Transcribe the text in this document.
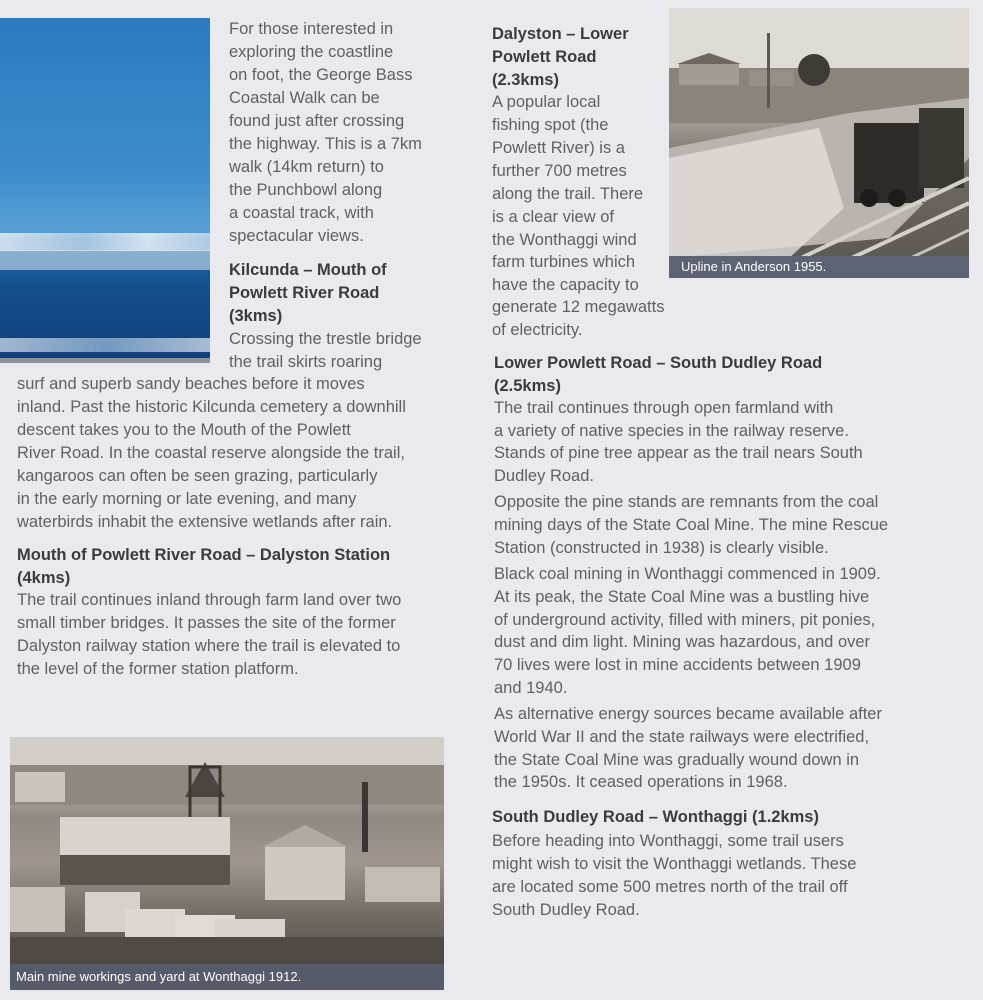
Upline in Anderson 1955.
Main mine workings and yard at Wonthaggi 1912.
For those interested in
exploring the coastline
on foot, the George Bass
Coastal Walk can be
found just after crossing
the highway. This is a 7km
walk (14km return) to
the Punchbowl along
a coastal track, with
spectacular views.
Kilcunda – Mouth of
Powlett River Road
(3kms)
Crossing the trestle bridge
the trail skirts roaring
surf and superb sandy beaches before it moves
inland. Past the historic Kilcunda cemetery a downhill
descent takes you to the Mouth of the Powlett
River Road. In the coastal reserve alongside the trail,
kangaroos can often be seen grazing, particularly
in the early morning or late evening, and many
waterbirds inhabit the extensive wetlands after rain.
Mouth of Powlett River Road – Dalyston Station
(4kms)
The trail continues inland through farm land over two
small timber bridges. It passes the site of the former
Dalyston railway station where the trail is elevated to
the level of the former station platform.
Dalyston – Lower
Powlett Road
(2.3kms)
A popular local
fishing spot (the
Powlett River) is a
further 700 metres
along the trail. There
is a clear view of
the Wonthaggi wind
farm turbines which
have the capacity to
generate 12 megawatts
of electricity.
Lower Powlett Road – South Dudley Road
(2.5kms)
The trail continues through open farmland with
a variety of native species in the railway reserve.
Stands of pine tree appear as the trail nears South
Dudley Road.
Opposite the pine stands are remnants from the coal
mining days of the State Coal Mine. The mine Rescue
Station (constructed in 1938) is clearly visible.
Black coal mining in Wonthaggi commenced in 1909.
At its peak, the State Coal Mine was a bustling hive
of underground activity, filled with miners, pit ponies,
dust and dim light. Mining was hazardous, and over
70 lives were lost in mine accidents between 1909
and 1940.
As alternative energy sources became available after
World War II and the state railways were electrified,
the State Coal Mine was gradually wound down in
the 1950s. It ceased operations in 1968.
South Dudley Road – Wonthaggi (1.2kms)
Before heading into Wonthaggi, some trail users
might wish to visit the Wonthaggi wetlands. These
are located some 500 metres north of the trail off
South Dudley Road.
